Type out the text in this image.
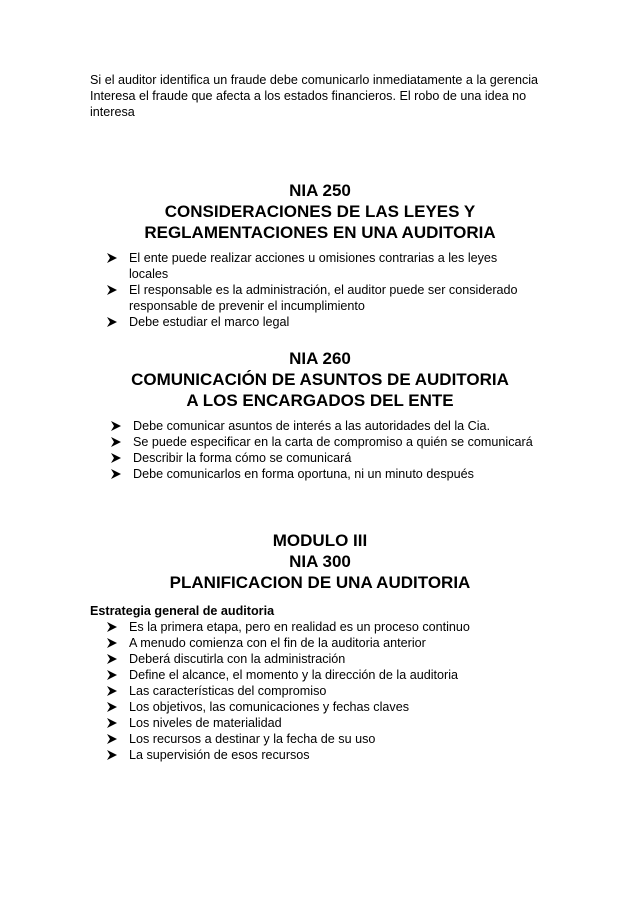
Si el auditor identifica un fraude debe comunicarlo inmediatamente a la gerencia

Interesa el fraude que afecta a los estados financieros. El robo de una idea no interesa

NIA 250
CONSIDERACIONES DE LAS LEYES Y
REGLAMENTACIONES EN UNA AUDITORIA
El ente puede realizar acciones u omisiones contrarias a les leyes locales
El responsable es la administración, el auditor puede ser considerado responsable de prevenir el incumplimiento
Debe estudiar el marco legal
NIA 260
COMUNICACIÓN DE ASUNTOS DE AUDITORIA
A LOS ENCARGADOS DEL ENTE
Debe comunicar asuntos de interés a las autoridades del la Cia.
Se puede especificar en la carta de compromiso a quién se comunicará
Describir la forma cómo se comunicará
Debe comunicarlos en forma oportuna, ni un minuto después
MODULO III
NIA 300
PLANIFICACION DE UNA AUDITORIA
Estrategia general de auditoria
Es la primera etapa, pero en realidad es un proceso continuo
A menudo comienza con el fin de la auditoria anterior
Deberá discutirla con la administración
Define el alcance, el momento y la dirección de la auditoria
Las características del compromiso
Los objetivos, las comunicaciones y fechas claves
Los niveles de materialidad
Los recursos a destinar y la fecha de su uso
La supervisión de esos recursos
